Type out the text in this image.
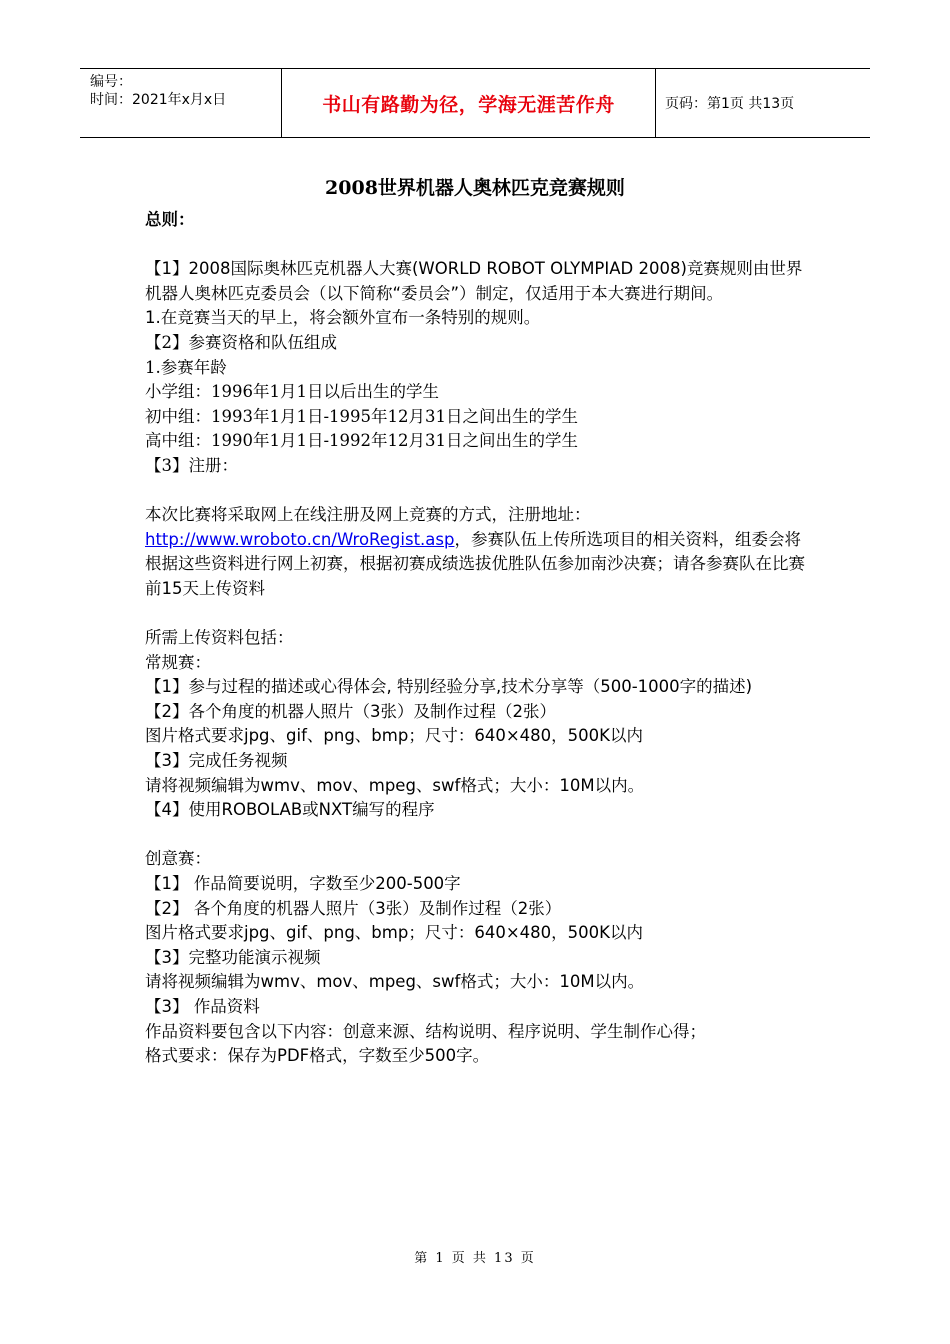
编号：
时间：2021年x月x日	书山有路勤为径，学海无涯苦作舟	页码：第1页 共13页
2008世界机器人奥林匹克竞赛规则

总则：

【1】2008国际奥林匹克机器人大赛(WORLD ROBOT OLYMPIAD 2008)竞赛规则由世界机器人奥林匹克委员会（以下简称“委员会”）制定，仅适用于本大赛进行期间。

1.在竞赛当天的早上，将会额外宣布一条特别的规则。

【2】参赛资格和队伍组成

1.参赛年龄

小学组：1996年1月1日以后出生的学生

初中组：1993年1月1日-1995年12月31日之间出生的学生

高中组：1990年1月1日-1992年12月31日之间出生的学生

【3】注册：

本次比赛将采取网上在线注册及网上竞赛的方式，注册地址：http://www.wroboto.cn/WroRegist.asp，参赛队伍上传所选项目的相关资料，组委会将根据这些资料进行网上初赛，根据初赛成绩选拔优胜队伍参加南沙决赛；请各参赛队在比赛前15天上传资料

所需上传资料包括：

常规赛：

【1】参与过程的描述或心得体会, 特别经验分享,技术分享等（500-1000字的描述)

【2】各个角度的机器人照片（3张）及制作过程（2张）

图片格式要求jpg、gif、png、bmp；尺寸：640×480，500K以内

【3】完成任务视频

请将视频编辑为wmv、mov、mpeg、swf格式；大小：10M以内。

【4】使用ROBOLAB或NXT编写的程序

创意赛：

【1】 作品简要说明，字数至少200-500字

【2】 各个角度的机器人照片（3张）及制作过程（2张）

图片格式要求jpg、gif、png、bmp；尺寸：640×480，500K以内

【3】完整功能演示视频

请将视频编辑为wmv、mov、mpeg、swf格式；大小：10M以内。

【3】 作品资料

作品资料要包含以下内容：创意来源、结构说明、程序说明、学生制作心得；

格式要求：保存为PDF格式，字数至少500字。

第 1 页 共 13 页
